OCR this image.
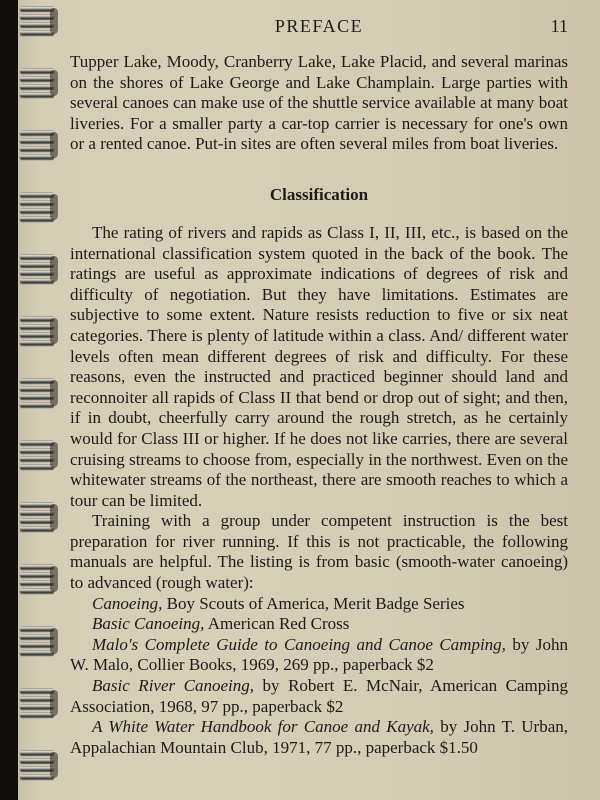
PREFACE	11

Tupper Lake, Moody, Cranberry Lake, Lake Placid, and several marinas on the shores of Lake George and Lake Champlain. Large parties with several canoes can make use of the shuttle service available at many boat liveries. For a smaller party a car-top carrier is necessary for one's own or a rented canoe. Put-in sites are often several miles from boat liveries.

Classification

The rating of rivers and rapids as Class I, II, III, etc., is based on the international classification system quoted in the back of the book. The ratings are useful as approximate indications of degrees of risk and difficulty of negotiation. But they have limitations. Estimates are subjective to some extent. Nature resists reduction to five or six neat categories. There is plenty of latitude within a class. And/ different water levels often mean different degrees of risk and difficulty. For these reasons, even the instructed and practiced beginner should land and reconnoiter all rapids of Class II that bend or drop out of sight; and then, if in doubt, cheerfully carry around the rough stretch, as he certainly would for Class III or higher. If he does not like carries, there are several cruising streams to choose from, especially in the northwest. Even on the whitewater streams of the northeast, there are smooth reaches to which a tour can be limited.

Training with a group under competent instruction is the best preparation for river running. If this is not practicable, the following manuals are helpful. The listing is from basic (smooth-water canoeing) to advanced (rough water):

Canoeing, Boy Scouts of America, Merit Badge Series
Basic Canoeing, American Red Cross
Malo's Complete Guide to Canoeing and Canoe Camping, by John W. Malo, Collier Books, 1969, 269 pp., paperback $2
Basic River Canoeing, by Robert E. McNair, American Camping Association, 1968, 97 pp., paperback $2
A White Water Handbook for Canoe and Kayak, by John T. Urban, Appalachian Mountain Club, 1971, 77 pp., paperback $1.50
